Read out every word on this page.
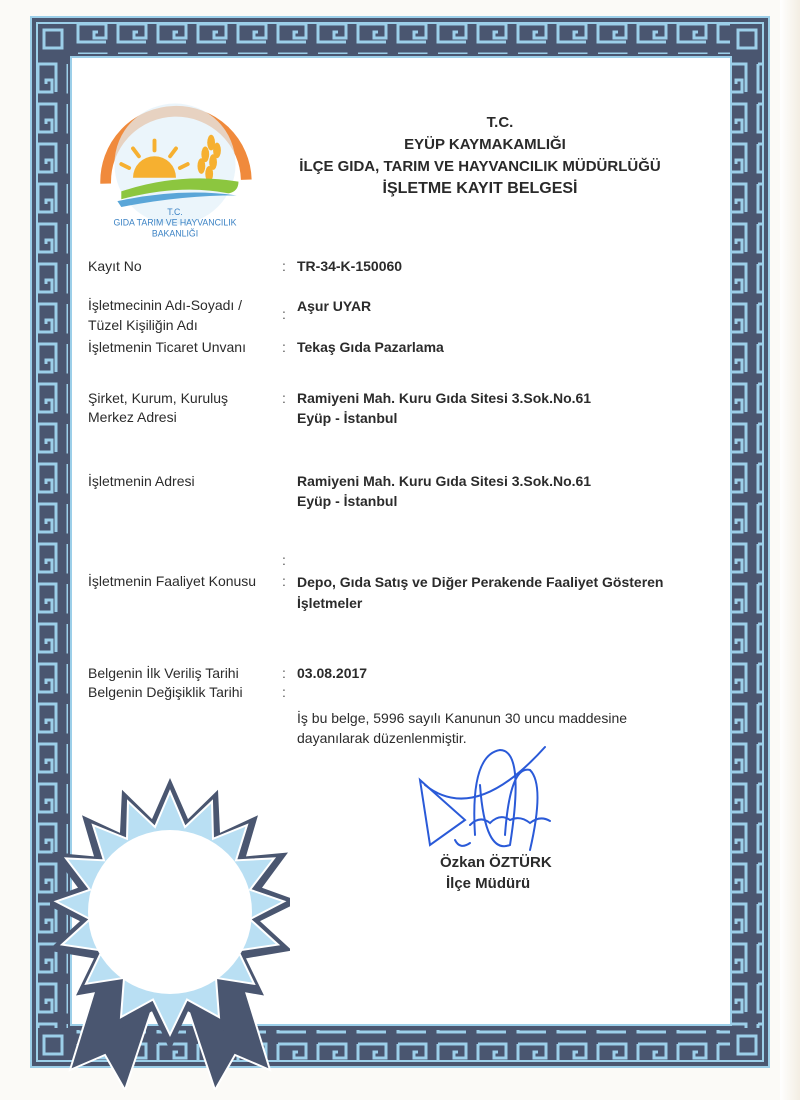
T.C.
GIDA TARIM VE HAYVANCILIK
BAKANLIĞI
T.C.
EYÜP KAYMAKAMLIĞI
İLÇE GIDA, TARIM VE HAYVANCILIK MÜDÜRLÜĞÜ
İŞLETME KAYIT BELGESİ
Kayıt No	: TR-34-K-150060
İşletmecinin Adı-Soyadı /
Tüzel Kişiliğin Adı
: Aşur UYAR
İşletmenin Ticaret Unvanı	: Tekaş Gıda Pazarlama
Şirket, Kurum, Kuruluş
Merkez Adresi
: Ramiyeni Mah. Kuru Gıda Sitesi 3.Sok.No.61
Eyüp - İstanbul
İşletmenin Adresi	Ramiyeni Mah. Kuru Gıda Sitesi 3.Sok.No.61
Eyüp - İstanbul
:
İşletmenin Faaliyet Konusu : Depo, Gıda Satış ve Diğer Perakende Faaliyet Gösteren
İşletmeler
Belgenin İlk Veriliş Tarihi	: 03.08.2017
Belgenin Değişiklik Tarihi	:
İş bu belge, 5996 sayılı Kanunun 30 uncu maddesine
dayanılarak düzenlenmiştir.
Özkan ÖZTÜRK
İlçe Müdürü
